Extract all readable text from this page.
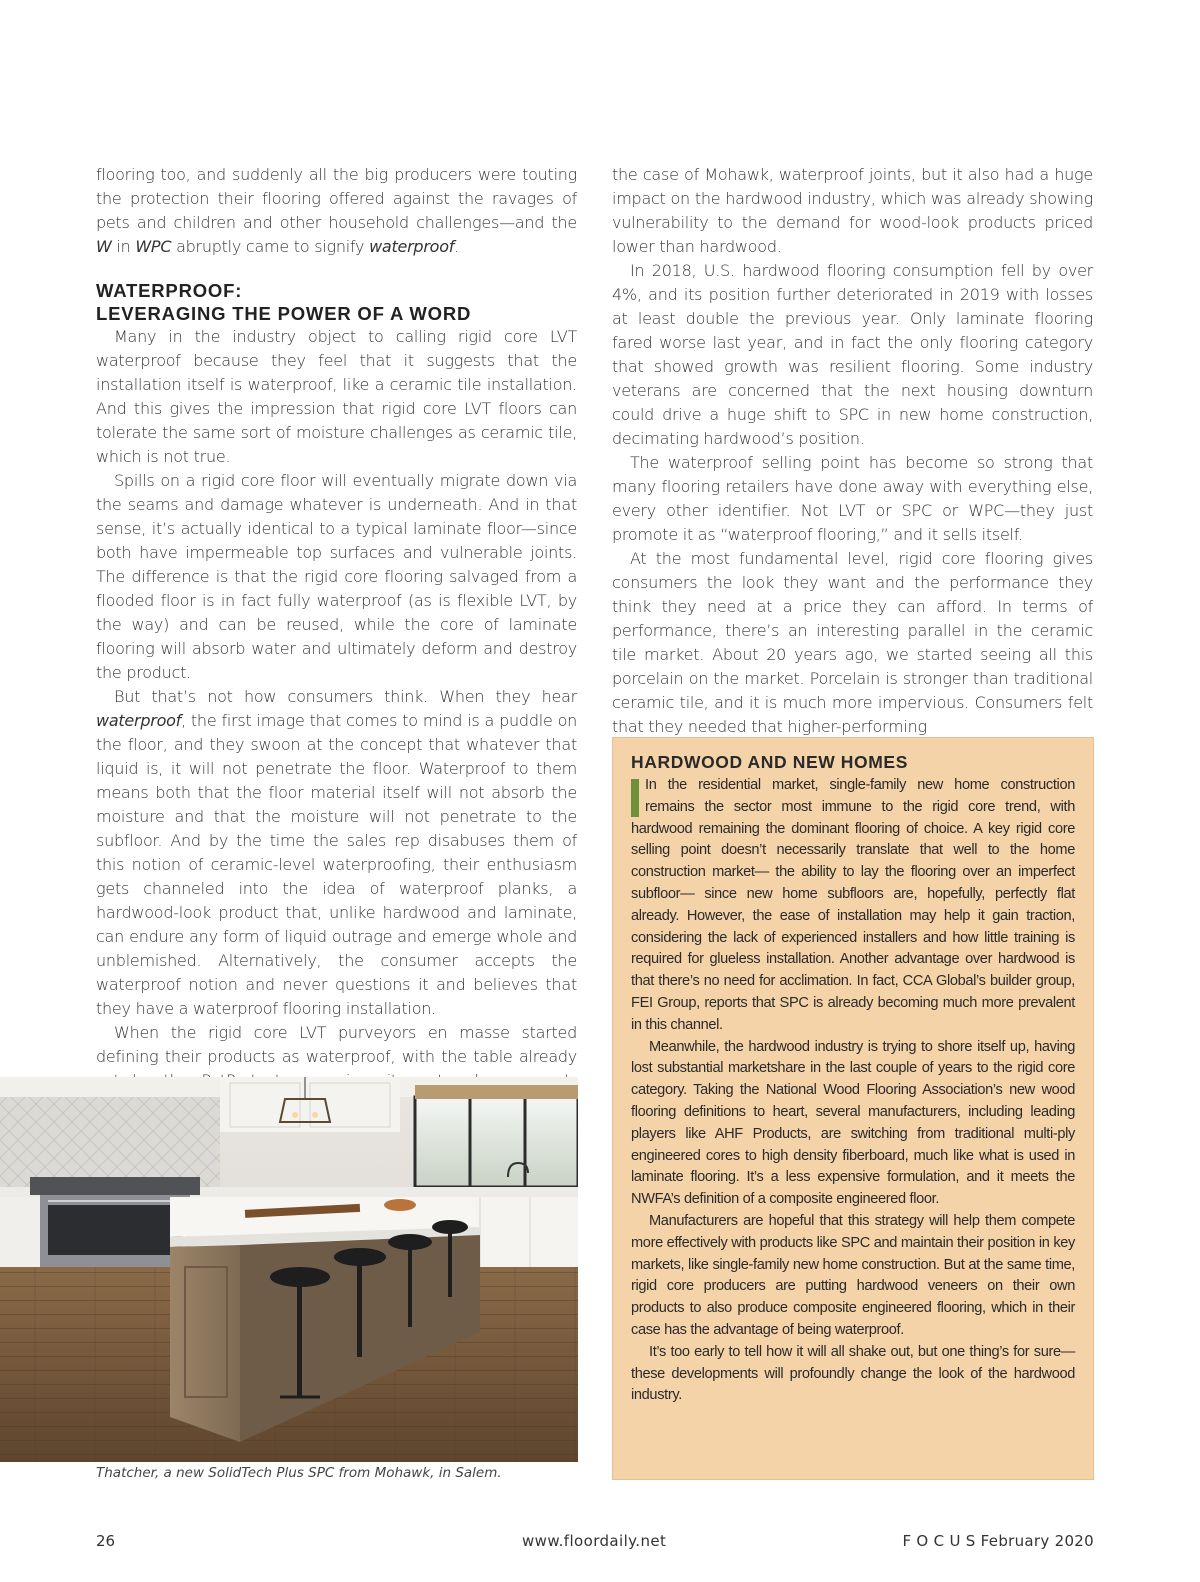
flooring too, and suddenly all the big producers were touting the protection their flooring offered against the ravages of pets and children and other household challenges—and the W in WPC abruptly came to signify waterproof.

WATERPROOF:
LEVERAGING THE POWER OF A WORD

Many in the industry object to calling rigid core LVT waterproof because they feel that it suggests that the installation itself is waterproof, like a ceramic tile installation. And this gives the impression that rigid core LVT floors can tolerate the same sort of moisture challenges as ceramic tile, which is not true.

Spills on a rigid core floor will eventually migrate down via the seams and damage whatever is underneath. And in that sense, it’s actually identical to a typical laminate floor—since both have impermeable top surfaces and vulnerable joints. The difference is that the rigid core flooring salvaged from a flooded floor is in fact fully waterproof (as is flexible LVT, by the way) and can be reused, while the core of laminate flooring will absorb water and ultimately deform and destroy the product.

But that’s not how consumers think. When they hear waterproof, the first image that comes to mind is a puddle on the floor, and they swoon at the concept that whatever that liquid is, it will not penetrate the floor. Waterproof to them means both that the floor material itself will not absorb the moisture and that the moisture will not penetrate to the subfloor. And by the time the sales rep disabuses them of this notion of ceramic-level waterproofing, their enthusiasm gets channeled into the idea of waterproof planks, a hardwood-look product that, unlike hardwood and laminate, can endure any form of liquid outrage and emerge whole and unblemished. Alternatively, the consumer accepts the waterproof notion and never questions it and believes that they have a waterproof flooring installation.

When the rigid core LVT purveyors en masse started defining their products as waterproof, with the table already

the case of Mohawk, waterproof joints, but it also had a huge impact on the hardwood industry, which was already showing vulnerability to the demand for wood-look products priced lower than hardwood.

In 2018, U.S. hardwood flooring consumption fell by over 4%, and its position further deteriorated in 2019 with losses at least double the previous year. Only laminate flooring fared worse last year, and in fact the only flooring category that showed growth was resilient flooring. Some industry veterans are concerned that the next housing downturn could drive a huge shift to SPC in new home construction, decimating hardwood’s position.

The waterproof selling point has become so strong that many flooring retailers have done away with everything else, every other identifier. Not LVT or SPC or WPC—they just promote it as “waterproof flooring,” and it sells itself.

At the most fundamental level, rigid core flooring gives consumers the look they want and the performance they think they need at a price they can afford. In terms of performance, there’s an interesting parallel in the ceramic tile market. About 20 years ago, we started seeing all this porcelain on the market. Porcelain is stronger than traditional ceramic tile, and it is much more impervious. Consumers felt that they needed that higher-performing

Thatcher, a new SolidTech Plus SPC from Mohawk, in Salem.
HARDWOOD AND NEW HOMES

In the residential market, single-family new home construction remains the sector most immune to the rigid core trend, with hardwood remaining the dominant flooring of choice. A key rigid core selling point doesn’t necessarily translate that well to the home construction market— the ability to lay the flooring over an imperfect subfloor— since new home subfloors are, hopefully, perfectly flat already. However, the ease of installation may help it gain traction, considering the lack of experienced installers and how little training is required for glueless installation. Another advantage over hardwood is that there’s no need for acclimation. In fact, CCA Global’s builder group, FEI Group, reports that SPC is already becoming much more prevalent in this channel.

Meanwhile, the hardwood industry is trying to shore itself up, having lost substantial marketshare in the last couple of years to the rigid core category. Taking the National Wood Flooring Association’s new wood flooring definitions to heart, several manufacturers, including leading players like AHF Products, are switching from traditional multi-ply engineered cores to high density fiberboard, much like what is used in laminate flooring. It’s a less expensive formulation, and it meets the NWFA’s definition of a composite engineered floor.

Manufacturers are hopeful that this strategy will help them compete more effectively with products like SPC and maintain their position in key markets, like single-family new home construction. But at the same time, rigid core producers are putting hardwood veneers on their own products to also produce composite engineered flooring, which in their case has the advantage of being waterproof.

It’s too early to tell how it will all shake out, but one thing’s for sure— these developments will profoundly change the look of the hardwood industry.

26	www.floordaily.net	F O C U S February 2020
